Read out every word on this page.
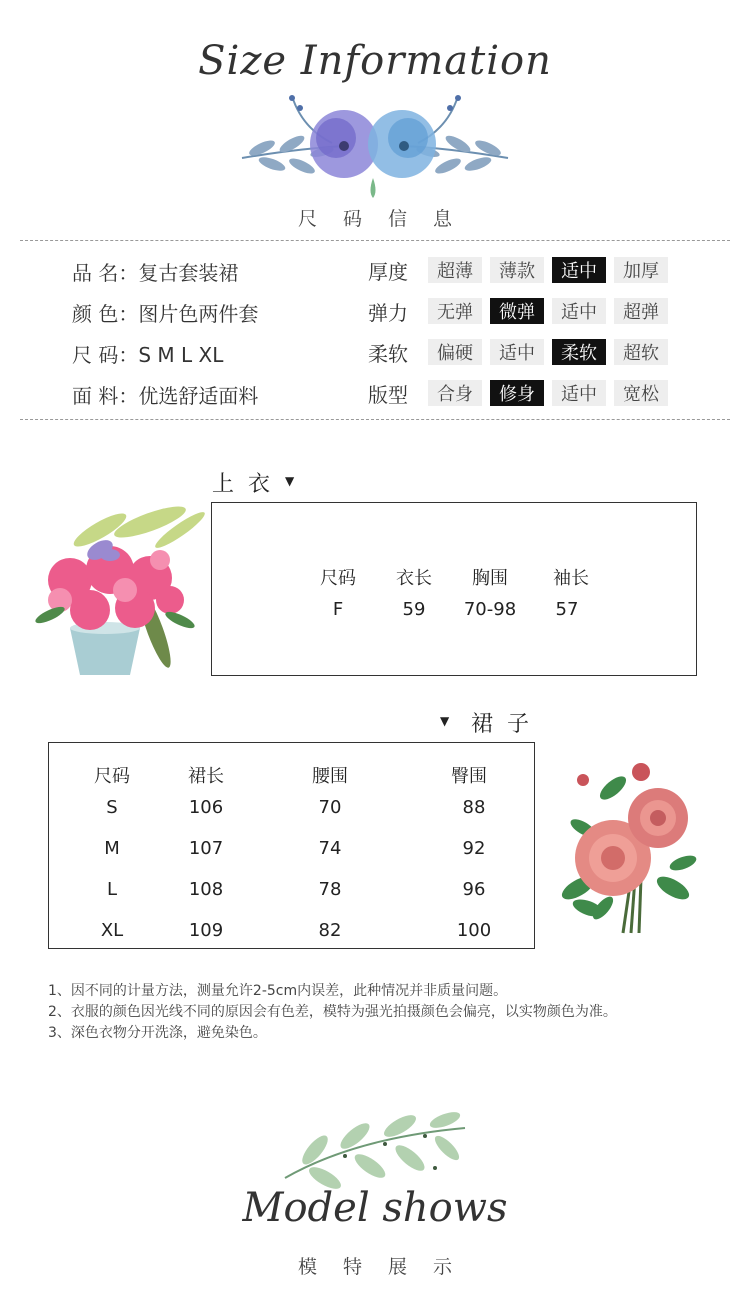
Size Information
尺码信息
品 名：复古套装裙
颜 色：图片色两件套
尺 码：S M L XL
面 料：优选舒适面料
厚度	超薄	薄款	适中	加厚
弹力	无弹	微弹	适中	超弹
柔软	偏硬	适中	柔软	超软
版型	合身	修身	适中	宽松
上衣 ▼
尺码	衣长	胸围	袖长
F	59	70-98	57
▼ 裙子
尺码	裙长	腰围	臀围
S	106	70	88
M	107	74	92
L	108	78	96
XL	109	82	100
1、因不同的计量方法，测量允许2-5cm内误差，此种情况并非质量问题。
2、衣服的颜色因光线不同的原因会有色差，模特为强光拍摄颜色会偏亮，以实物颜色为准。
3、深色衣物分开洗涤，避免染色。
Model shows
模特展示
